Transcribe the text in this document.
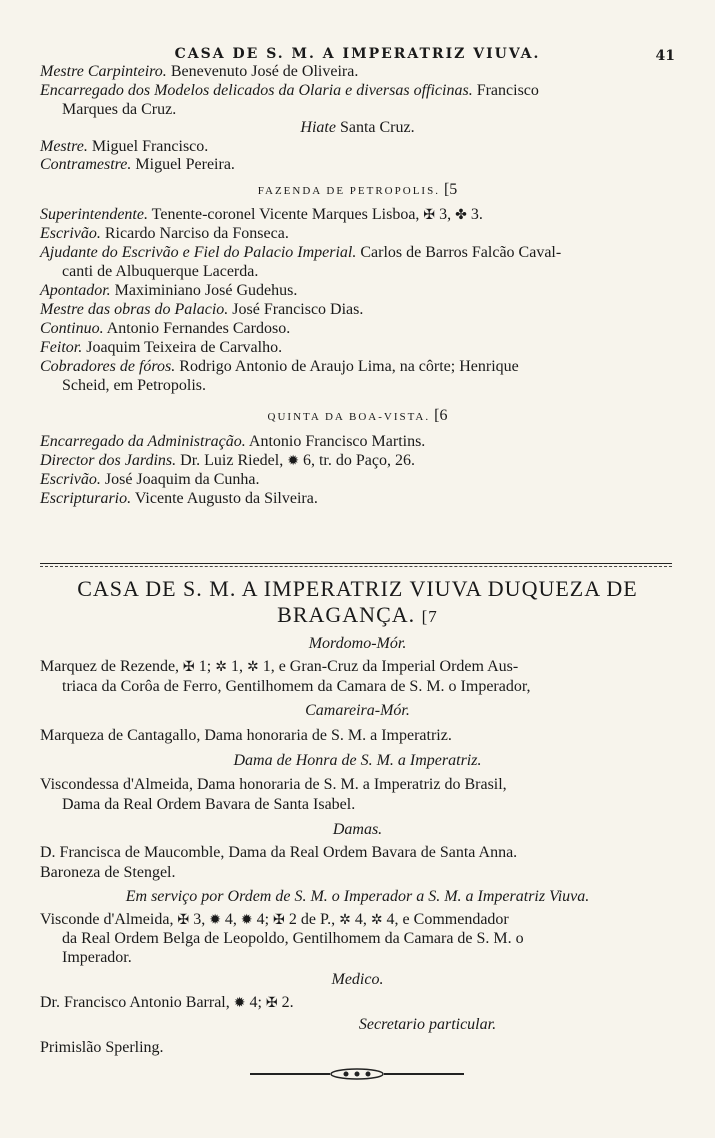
CASA DE S. M. A IMPERATRIZ VIUVA.	41
Mestre Carpinteiro. Benevenuto José de Oliveira.
Encarregado dos Modelos delicados da Olaria e diversas officinas. Francisco
Marques da Cruz.
Hiate Santa Cruz.
Mestre. Miguel Francisco.
Contramestre. Miguel Pereira.
FAZENDA DE PETROPOLIS. [5
Superintendente. Tenente-coronel Vicente Marques Lisboa, ✠ 3, ✤ 3.
Escrivão. Ricardo Narciso da Fonseca.
Ajudante do Escrivão e Fiel do Palacio Imperial. Carlos de Barros Falcão Caval-
canti de Albuquerque Lacerda.
Apontador. Maximiniano José Gudehus.
Mestre das obras do Palacio. José Francisco Dias.
Continuo. Antonio Fernandes Cardoso.
Feitor. Joaquim Teixeira de Carvalho.
Cobradores de fóros. Rodrigo Antonio de Araujo Lima, na côrte; Henrique
Scheid, em Petropolis.
QUINTA DA BOA-VISTA. [6
Encarregado da Administração. Antonio Francisco Martins.
Director dos Jardins. Dr. Luiz Riedel, ✹ 6, tr. do Paço, 26.
Escrivão. José Joaquim da Cunha.
Escripturario. Vicente Augusto da Silveira.
CASA DE S. M. A IMPERATRIZ VIUVA DUQUEZA DE
BRAGANÇA. [7
Mordomo-Mór.
Marquez de Rezende, ✠ 1; ✲ 1, ✲ 1, e Gran-Cruz da Imperial Ordem Aus-
triaca da Corôa de Ferro, Gentilhomem da Camara de S. M. o Imperador,
Camareira-Mór.
Marqueza de Cantagallo, Dama honoraria de S. M. a Imperatriz.
Dama de Honra de S. M. a Imperatriz.
Viscondessa d'Almeida, Dama honoraria de S. M. a Imperatriz do Brasil,
Dama da Real Ordem Bavara de Santa Isabel.
Damas.
D. Francisca de Maucomble, Dama da Real Ordem Bavara de Santa Anna.
Baroneza de Stengel.
Em serviço por Ordem de S. M. o Imperador a S. M. a Imperatriz Viuva.
Visconde d'Almeida, ✠ 3, ✹ 4, ✹ 4; ✠ 2 de P., ✲ 4, ✲ 4, e Commendador
da Real Ordem Belga de Leopoldo, Gentilhomem da Camara de S. M. o
Imperador.
Medico.
Dr. Francisco Antonio Barral, ✹ 4; ✠ 2.
Secretario particular.
Primislão Sperling.
